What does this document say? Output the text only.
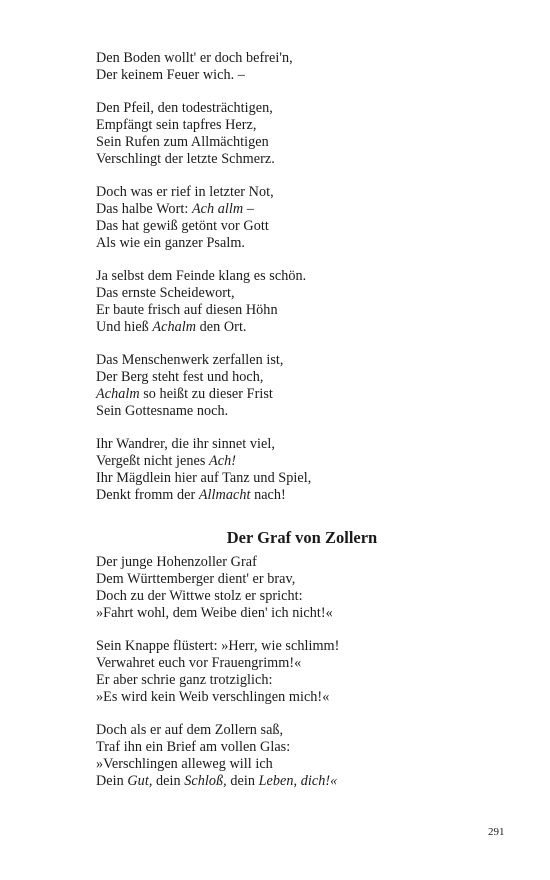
Den Boden wollt' er doch befrei'n,
Der keinem Feuer wich. –

Den Pfeil, den todesträchtigen,
Empfängt sein tapfres Herz,
Sein Rufen zum Allmächtigen
Verschlingt der letzte Schmerz.

Doch was er rief in letzter Not,
Das halbe Wort: Ach allm –
Das hat gewiß getönt vor Gott
Als wie ein ganzer Psalm.

Ja selbst dem Feinde klang es schön.
Das ernste Scheidewort,
Er baute frisch auf diesen Höhn
Und hieß Achalm den Ort.

Das Menschenwerk zerfallen ist,
Der Berg steht fest und hoch,
Achalm so heißt zu dieser Frist
Sein Gottesname noch.

Ihr Wandrer, die ihr sinnet viel,
Vergeßt nicht jenes Ach!
Ihr Mägdlein hier auf Tanz und Spiel,
Denkt fromm der Allmacht nach!

Der Graf von Zollern

Der junge Hohenzoller Graf
Dem Württemberger dient' er brav,
Doch zu der Wittwe stolz er spricht:
»Fahrt wohl, dem Weibe dien' ich nicht!«

Sein Knappe flüstert: »Herr, wie schlimm!
Verwahret euch vor Frauengrimm!«
Er aber schrie ganz trotziglich:
»Es wird kein Weib verschlingen mich!«

Doch als er auf dem Zollern saß,
Traf ihn ein Brief am vollen Glas:
»Verschlingen alleweg will ich
Dein Gut, dein Schloß, dein Leben, dich!«

291
